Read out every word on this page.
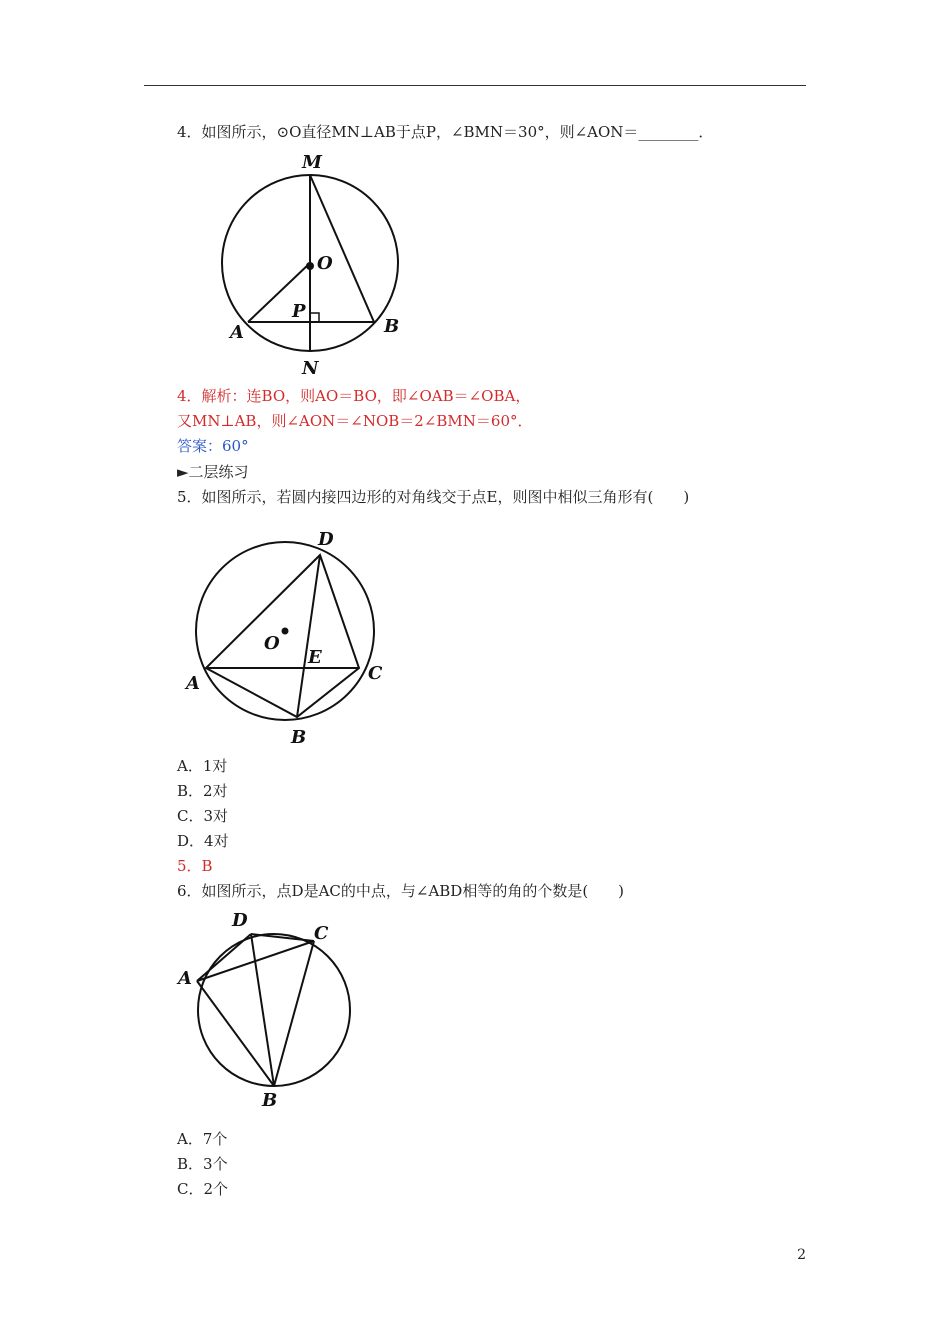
4．如图所示，⊙O直径MN⊥AB于点P，∠BMN＝30°，则∠AON＝________．
M
O
P
A	B
N
4．解析：连BO，则AO＝BO，即∠OAB＝∠OBA，
又MN⊥AB，则∠AON＝∠NOB＝2∠BMN＝60°．
答案：60°
►二层练习
5．如图所示，若圆内接四边形的对角线交于点E，则图中相似三角形有(　　)
D
O
E
A	C
B
A．1对
B．2对
C．3对
D．4对
5．B
6．如图所示，点D是AC的中点，与∠ABD相等的角的个数是(　　)
D
C
A
B
A．7个
B．3个
C．2个
2
